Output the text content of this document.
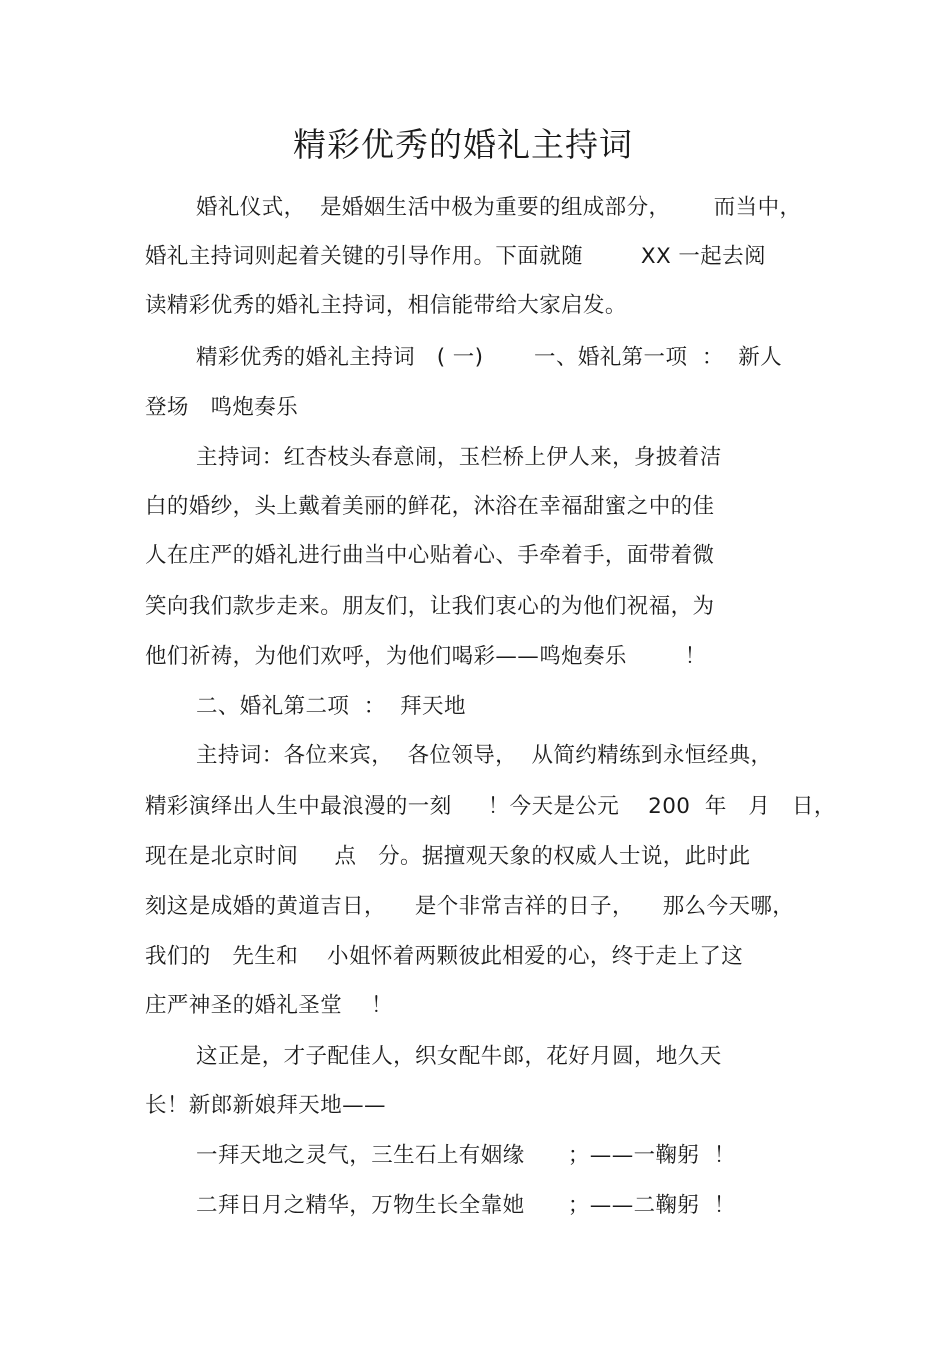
精彩优秀的婚礼主持词
婚礼仪式，  是婚姻生活中极为重要的组成部分，      而当中，
婚礼主持词则起着关键的引导作用。下面就随        XX 一起去阅
读精彩优秀的婚礼主持词，相信能带给大家启发。
精彩优秀的婚礼主持词   ( 一)       一、婚礼第一项  ：  新人
登场   鸣炮奏乐
主持词：红杏枝头春意闹，玉栏桥上伊人来，身披着洁
白的婚纱，头上戴着美丽的鲜花，沐浴在幸福甜蜜之中的佳
人在庄严的婚礼进行曲当中心贴着心、手牵着手，面带着微
笑向我们款步走来。朋友们，让我们衷心的为他们祝福，为
他们祈祷，为他们欢呼，为他们喝彩——鸣炮奏乐        ！
二、婚礼第二项  ：  拜天地
主持词：各位来宾，  各位领导，  从简约精练到永恒经典，
精彩演绎出人生中最浪漫的一刻     ！今天是公元    200  年   月   日，
现在是北京时间     点   分。据擅观天象的权威人士说，此时此
刻这是成婚的黄道吉日，    是个非常吉祥的日子，    那么今天哪，
我们的   先生和    小姐怀着两颗彼此相爱的心，终于走上了这
庄严神圣的婚礼圣堂    ！
这正是，才子配佳人，织女配牛郎，花好月圆，地久天
长！新郎新娘拜天地——
一拜天地之灵气，三生石上有姻缘      ；——一鞠躬  ！
二拜日月之精华，万物生长全靠她      ；——二鞠躬  ！
